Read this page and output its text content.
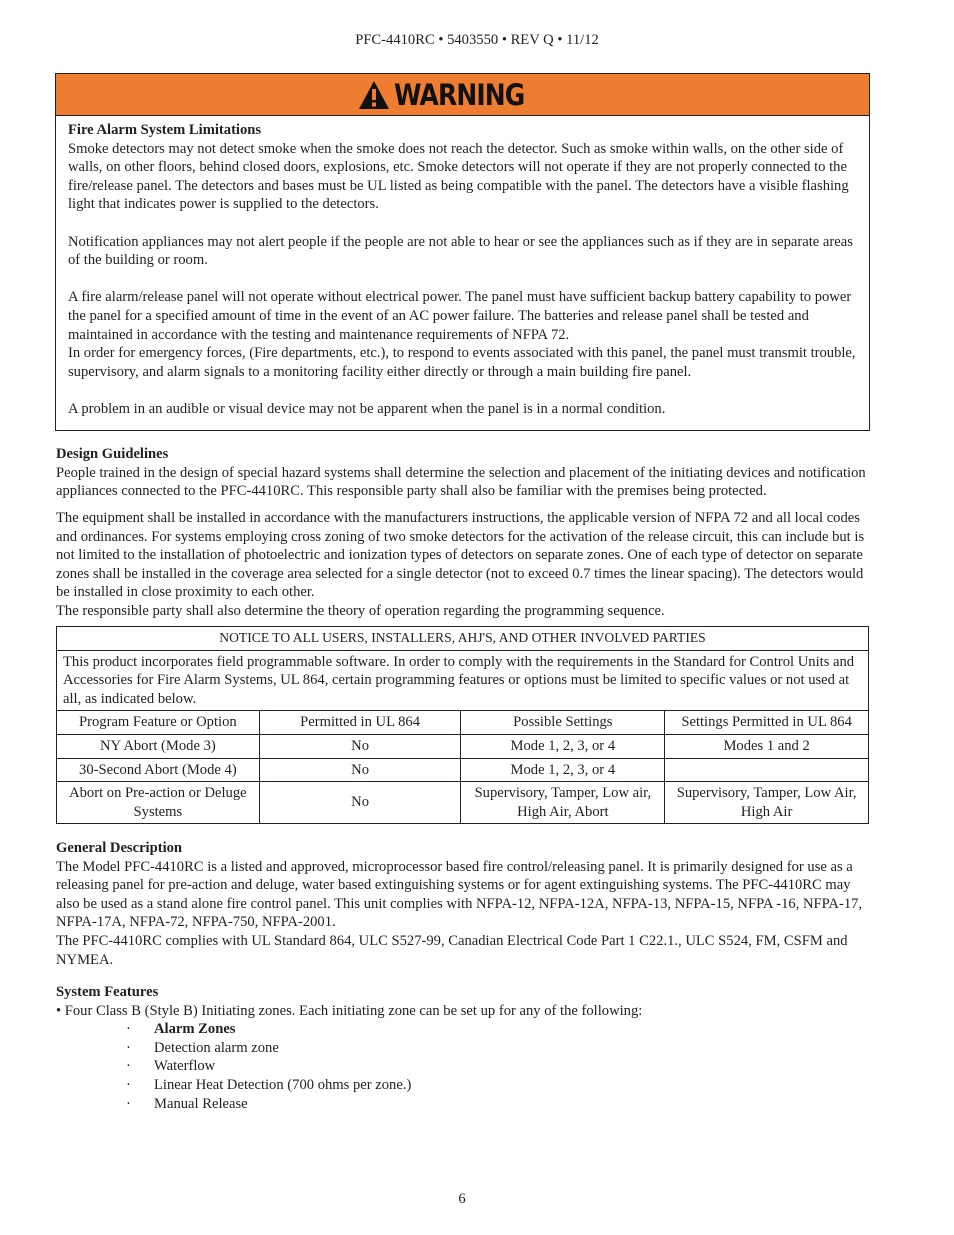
PFC-4410RC • 5403550 • REV Q • 11/12
WARNING
Fire Alarm System Limitations

Smoke detectors may not detect smoke when the smoke does not reach the detector. Such as smoke within walls, on the other side of walls, on other floors, behind closed doors, explosions, etc. Smoke detectors will not operate if they are not properly connected to the fire/release panel. The detectors and bases must be UL listed as being compatible with the panel. The detectors have a visible flashing light that indicates power is supplied to the detectors.

Notification appliances may not alert people if the people are not able to hear or see the appliances such as if they are in separate areas of the building or room.

A fire alarm/release panel will not operate without electrical power. The panel must have sufficient backup battery capability to power the panel for a specified amount of time in the event of an AC power failure. The batteries and release panel shall be tested and maintained in accordance with the testing and maintenance requirements of NFPA 72.

In order for emergency forces, (Fire departments, etc.), to respond to events associated with this panel, the panel must transmit trouble, supervisory, and alarm signals to a monitoring facility either directly or through a main building fire panel.

A problem in an audible or visual device may not be apparent when the panel is in a normal condition.

Design Guidelines

People trained in the design of special hazard systems shall determine the selection and placement of the initiating devices and notification appliances connected to the PFC-4410RC. This responsible party shall also be familiar with the premises being protected.

The equipment shall be installed in accordance with the manufacturers instructions, the applicable version of NFPA 72 and all local codes and ordinances. For systems employing cross zoning of two smoke detectors for the activation of the release circuit, this can include but is not limited to the installation of photoelectric and ionization types of detectors on separate zones. One of each type of detector on separate zones shall be installed in the coverage area selected for a single detector (not to exceed 0.7 times the linear spacing). The detectors would be installed in close proximity to each other.

The responsible party shall also determine the theory of operation regarding the programming sequence.

NOTICE TO ALL USERS, INSTALLERS, AHJ'S, AND OTHER INVOLVED PARTIES			
This product incorporates field programmable software. In order to comply with the requirements in the Standard for Control Units and Accessories for Fire Alarm Systems, UL 864, certain programming features or options must be limited to specific values or not used at all, as indicated below.			
Program Feature or Option	Permitted in UL 864	Possible Settings	Settings Permitted in UL 864
NY Abort (Mode 3)	No	Mode 1, 2, 3, or 4	Modes 1 and 2
30-Second Abort (Mode 4)	No	Mode 1, 2, 3, or 4	
Abort on Pre-action or Deluge Systems	No	Supervisory, Tamper, Low air, High Air, Abort	Supervisory, Tamper, Low Air, High Air
General Description

The Model PFC-4410RC is a listed and approved, microprocessor based fire control/releasing panel. It is primarily designed for use as a releasing panel for pre-action and deluge, water based extinguishing systems or for agent extinguishing systems. The PFC-4410RC may also be used as a stand alone fire control panel. This unit complies with NFPA-12, NFPA-12A, NFPA-13, NFPA-15, NFPA -16, NFPA-17, NFPA-17A, NFPA-72, NFPA-750, NFPA-2001.

The PFC-4410RC complies with UL Standard 864, ULC S527-99, Canadian Electrical Code Part 1 C22.1., ULC S524, FM, CSFM and NYMEA.

System Features

• Four Class B (Style B) Initiating zones. Each initiating zone can be set up for any of the following:

· Alarm Zones
· Detection alarm zone
· Waterflow
· Linear Heat Detection (700 ohms per zone.)
· Manual Release
6
